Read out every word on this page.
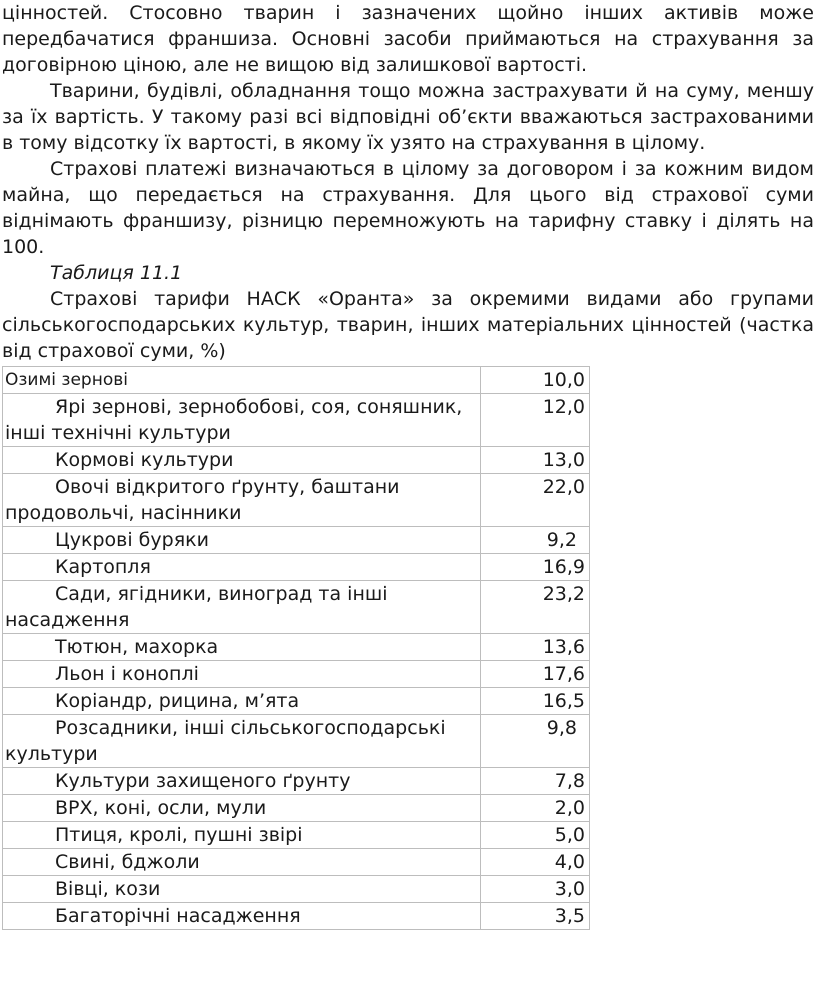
цінностей. Стосовно тварин і зазначених щойно інших активів може передбачатися франшиза. Основні засоби приймаються на страхування за договірною ціною, але не вищою від залишкової вартості.

Тварини, будівлі, обладнання тощо можна застрахувати й на суму, меншу за їх вартість. У такому разі всі відповідні об’єкти вважаються застрахованими в тому відсотку їх вартості, в якому їх узято на страхування в цілому.

Страхові платежі визначаються в цілому за договором і за кожним видом майна, що передається на страхування. Для цього від страхової суми віднімають франшизу, різницю перемножують на тарифну ставку і ділять на 100.

Таблиця 11.1

Страхові тарифи НАСК «Оранта» за окремими видами або групами сільськогосподарських культур, тварин, інших матеріальних цінностей (частка від страхової суми, %)

Озимі зернові	10,0
Ярі зернові, зернобобові, соя, соняшник, інші технічні культури	12,0
Кормові культури	13,0
Овочі відкритого ґрунту, баштани продовольчі, насінники	22,0
Цукрові буряки	9,2
Картопля	16,9
Сади, ягідники, виноград та інші насадження	23,2
Тютюн, махорка	13,6
Льон і коноплі	17,6
Коріандр, рицина, м’ята	16,5
Розсадники, інші сільськогосподарські культури	9,8
Культури захищеного ґрунту	7,8
ВРХ, коні, осли, мули	2,0
Птиця, кролі, пушні звірі	5,0
Свині, бджоли	4,0
Вівці, кози	3,0
Багаторічні насадження	3,5
